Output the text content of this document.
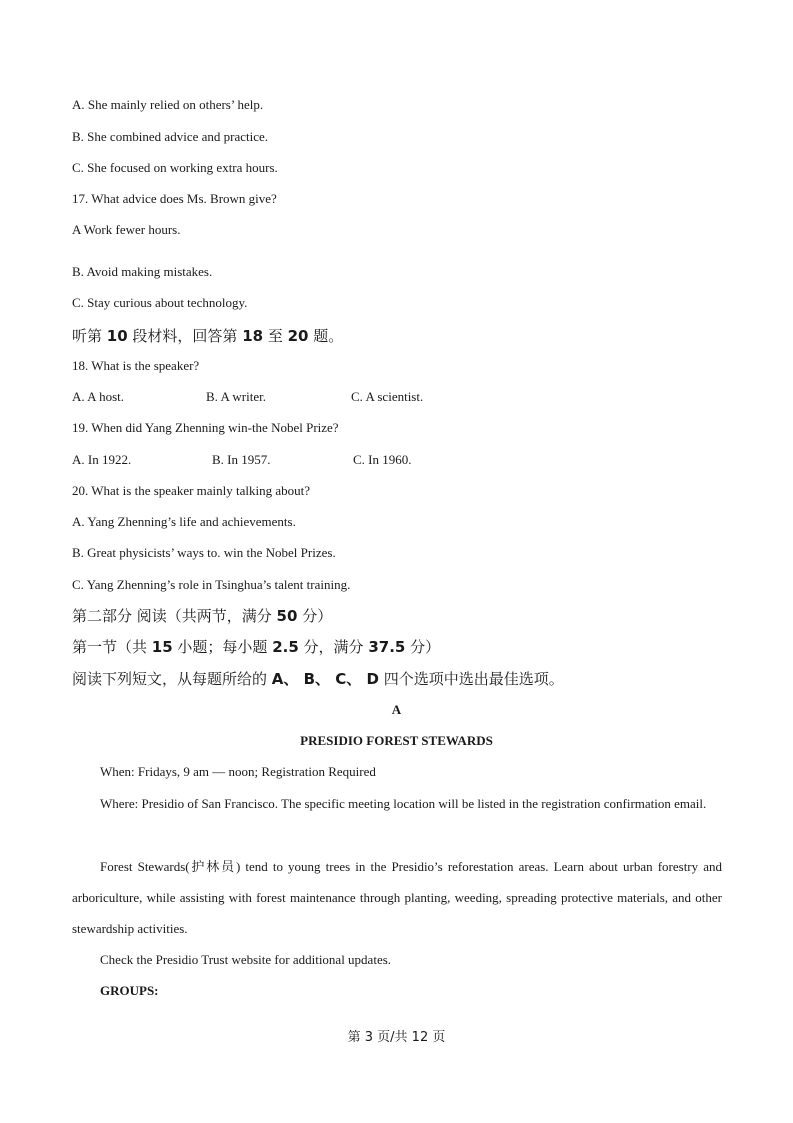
A. She mainly relied on others’ help.
B. She combined advice and practice.
C. She focused on working extra hours.
17. What advice does Ms. Brown give?
A Work fewer hours.
B. Avoid making mistakes.
C. Stay curious about technology.
听第 10 段材料，回答第 18 至 20 题。
18. What is the speaker?
A. A host.	B. A writer.	C. A scientist.
19. When did Yang Zhenning win-the Nobel Prize?
A. In 1922.	B. In 1957.	C. In 1960.
20. What is the speaker mainly talking about?
A. Yang Zhenning’s life and achievements.
B. Great physicists’ ways to. win the Nobel Prizes.
C. Yang Zhenning’s role in Tsinghua’s talent training.
第二部分 阅读（共两节，满分 50 分）
第一节（共 15 小题；每小题 2.5 分，满分 37.5 分）
阅读下列短文，从每题所给的 A、 B、 C、 D 四个选项中选出最佳选项。
A
PRESIDIO FOREST STEWARDS
When: Fridays, 9 am — noon; Registration Required
Where: Presidio of San Francisco. The specific meeting location will be listed in the registration confirmation email.
Forest Stewards(护林员) tend to young trees in the Presidio’s reforestation areas. Learn about urban forestry and arboriculture, while assisting with forest maintenance through planting, weeding, spreading protective materials, and other stewardship activities.
Check the Presidio Trust website for additional updates.
GROUPS:
第 3 页/共 12 页
